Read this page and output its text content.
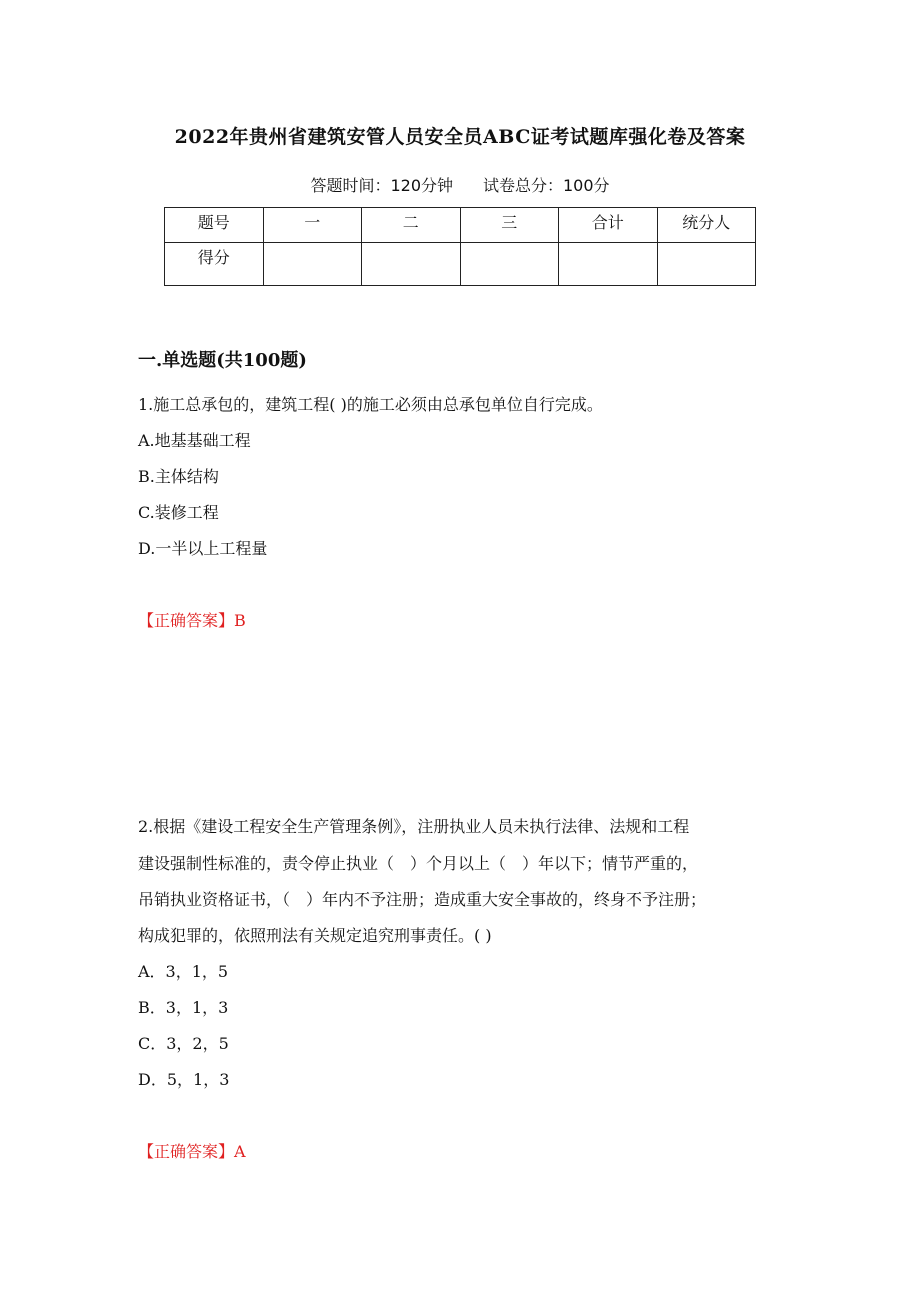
2022年贵州省建筑安管人员安全员ABC证考试题库强化卷及答案
答题时间：120分钟 试卷总分：100分
题号	一	二	三	合计	统分人
得分					
一.单选题(共100题)
1.施工总承包的，建筑工程( )的施工必须由总承包单位自行完成。
A.地基基础工程
B.主体结构
C.装修工程
D.一半以上工程量
【正确答案】B
2.根据《建设工程安全生产管理条例》，注册执业人员未执行法律、法规和工程
建设强制性标准的，责令停止执业（　）个月以上（　）年以下；情节严重的，
吊销执业资格证书，（　）年内不予注册；造成重大安全事故的，终身不予注册；
构成犯罪的，依照刑法有关规定追究刑事责任。( )
A．3，1，5
B．3，1，3
C．3，2，5
D．5，1，3
【正确答案】A
